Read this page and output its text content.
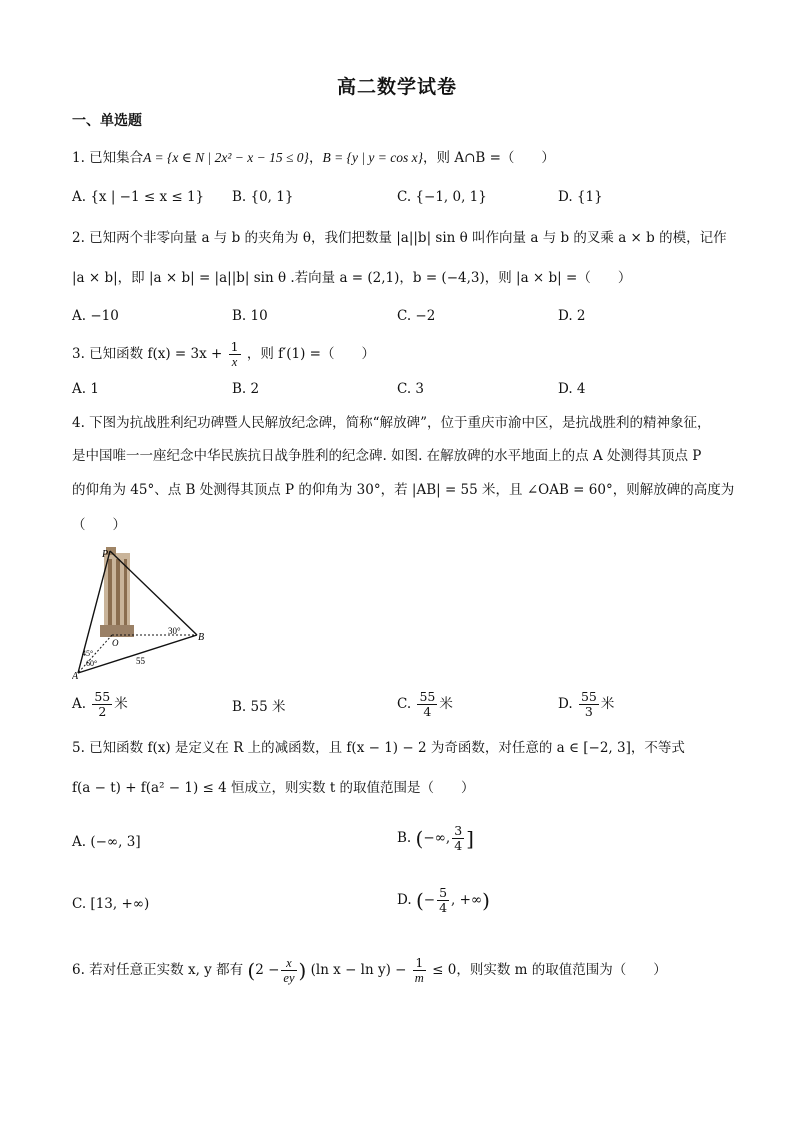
高二数学试卷
一、单选题
1. 已知集合A = {x ∈ N | 2x² − x − 15 ≤ 0}，B = {y | y = cos x}，则 A∩B =（　　）
A. {x | −1 ≤ x ≤ 1} B. {0, 1}	C. {−1, 0, 1}	D. {1}
2. 已知两个非零向量 a 与 b 的夹角为 θ，我们把数量 |a||b| sin θ 叫作向量 a 与 b 的叉乘 a × b 的模，记作
|a × b|，即 |a × b| = |a||b| sin θ .若向量 a = (2,1)，b = (−4,3)，则 |a × b| =（　　）
A. −10	B. 10	C. −2	D. 2
3. 已知函数 $f(x) = 3x + \frac{1}{x}$ ，则 f′(1) =（　　）
A. 1	B. 2	C. 3	D. 4
4. 下图为抗战胜利纪功碑暨人民解放纪念碑，简称“解放碑”，位于重庆市渝中区，是抗战胜利的精神象征，
是中国唯一一座纪念中华民族抗日战争胜利的纪念碑. 如图. 在解放碑的水平地面上的点 A 处测得其顶点 P
的仰角为 45°、点 B 处测得其顶点 P 的仰角为 30°，若 |AB| = 55 米，且 ∠OAB = 60°，则解放碑的高度为
（　　）
P
O	B
A
30°
45°
60°	55
A. $\frac{55}{2}$ 米	B. 55 米	C. $\frac{55}{4}$ 米	D. $\frac{55}{3}$ 米
5. 已知函数 f(x) 是定义在 R 上的减函数，且 f(x − 1) − 2 为奇函数，对任意的 a ∈ [−2, 3]，不等式
f(a − t) + f(a² − 1) ≤ 4 恒成立，则实数 t 的取值范围是（　　）
A. (−∞, 3]	B. (−∞, $\frac{3}{4}$ ]
C. [13, +∞)	D. (− $\frac{5}{4}$ , +∞)
6. 若对任意正实数 x, y 都有 ($2 - \frac{x}{ey}$ ) (ln $x - \ln y) - \frac{1}{m} \le 0$，则实数 m 的取值范围为（　　）
